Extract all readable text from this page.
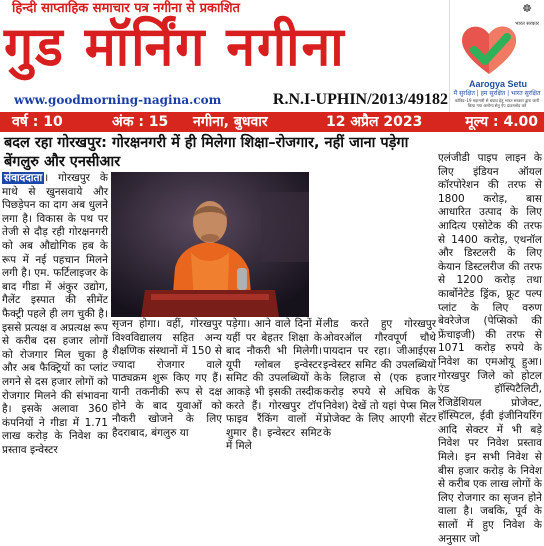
हिन्दी साप्ताहिक समाचार पत्र नगीना से प्रकाशित
गुड मॉर्निंग नगीना
www.goodmorning-nagina.com	R.N.I-UPHIN/2013/49182
☸
भारत सरकार
Aarogya Setu
मैं सुरक्षित | हम सुरक्षित | भारत सुरक्षित
कोविड–19 महामारी से बचाव हेतु भारत सरकार द्वारा जारी किया गया आरोग्य सेतु ऐप डाउनलोड करें
वर्ष : 10	अंक : 15	नगीना, बुधवार	12 अप्रैल 2023	मूल्य : 4.00
बदल रहा गोरखपुर: गोरक्षनगरी में ही मिलेगा शिक्षा–रोजगार, नहीं जाना पड़ेगा बेंगलुरु और एनसीआर
संवाददाता । गोरखपुर के माथे से खुनसवाये और पिछड़ेपन का दाग अब धुलने लगा है। विकास के पथ पर तेजी से दौड़ रही गोरक्षनगरी को अब औद्योगिक हब के रूप में नई पहचान मिलने लगी है। एम. फर्टिलाइजर के बाद गीडा में अंकुर उद्योग, गैलेंट इस्पात की सीमेंट फैक्ट्री पहले ही लग चुकी है। इससे प्रत्यक्ष व अप्रत्यक्ष रूप से करीब दस हजार लोगों को रोजगार मिल चुका है और अब फैक्ट्रियों का प्लांट लगने से दस हजार लोगों को रोजगार मिलने की संभावना है। इसके अलावा 360 कंपनियों ने गीडा में 1.71 लाख करोड़ के निवेश का प्रस्ताव इन्वेस्टर
सृजन होगा। वहीं, गोरखपुर विश्वविद्यालय सहित अन्य शैक्षणिक संस्थानों में 150 से ज्यादा रोजगार वाले पाठ्यक्रम शुरू किए गए हैं। यानी तकनीकी रूप से दक्ष होने के बाद युवाओं को नौकरी खोजने के लिए हैदराबाद, बंगलुरु या
पड़ेगा। आने वाले दिनों में यहीं पर बेहतर शिक्षा के बाद नौकरी भी मिलेगी।यूपी ग्लोबल इन्वेस्टर समिट की उपलब्धियों के आकड़े भी इसकी तस्दीक करते हैं। गोरखपुर टॉप फाइव रैंकिंग वालों में शुमार है। इन्वेस्टर समिट में मिले
लीड करते हुए गोरखपुर ओवरऑल गौरवपूर्ण चौथे पायदान पर रहा। जीआईएस इन्वेस्टर समिट की उपलब्धियों के लिहाज से (एक हजार करोड़ रुपये से अधिक के निवेश) देखें तो यहां पेप्स मिल प्रोजेक्ट के लिए आएगी सेंटर के
एलंजीडी पाइप लाइन के लिए इंडियन ऑयल कॉरपोरेशन की तरफ से 1800 करोड़, बास आधारित उत्पाद के लिए आदित्य एसोटेक की तरफ से 1400 करोड़, एथनॉल और डिस्टलरी के लिए केयान डिस्टलरीज की तरफ से 1200 करोड़ तथा कार्बोनेटेड ड्रिंक, फ्रूट पल्प प्लांट के लिए वरुण बेवरेजेज (पेप्सिको की फ्रेंचाइजी) की तरफ से 1071 करोड़ रुपये के निवेश का एमओयू हुआ। गोरखपुर जिले को होटल एंड हॉस्पिटैलिटी, रेजिडेंशियल प्रोजेक्ट, हॉस्पिटल, ईवी इंजीनियरिंग आदि सेक्टर में भी बड़े निवेश पर निवेश प्रस्ताव मिले। इन सभी निवेश से बीस हजार करोड़ के निवेश से करीब एक लाख लोगों के लिए रोजगार का सृजन होने वाला है। जबकि, पूर्व के सालों में हुए निवेश के अनुसार जो
